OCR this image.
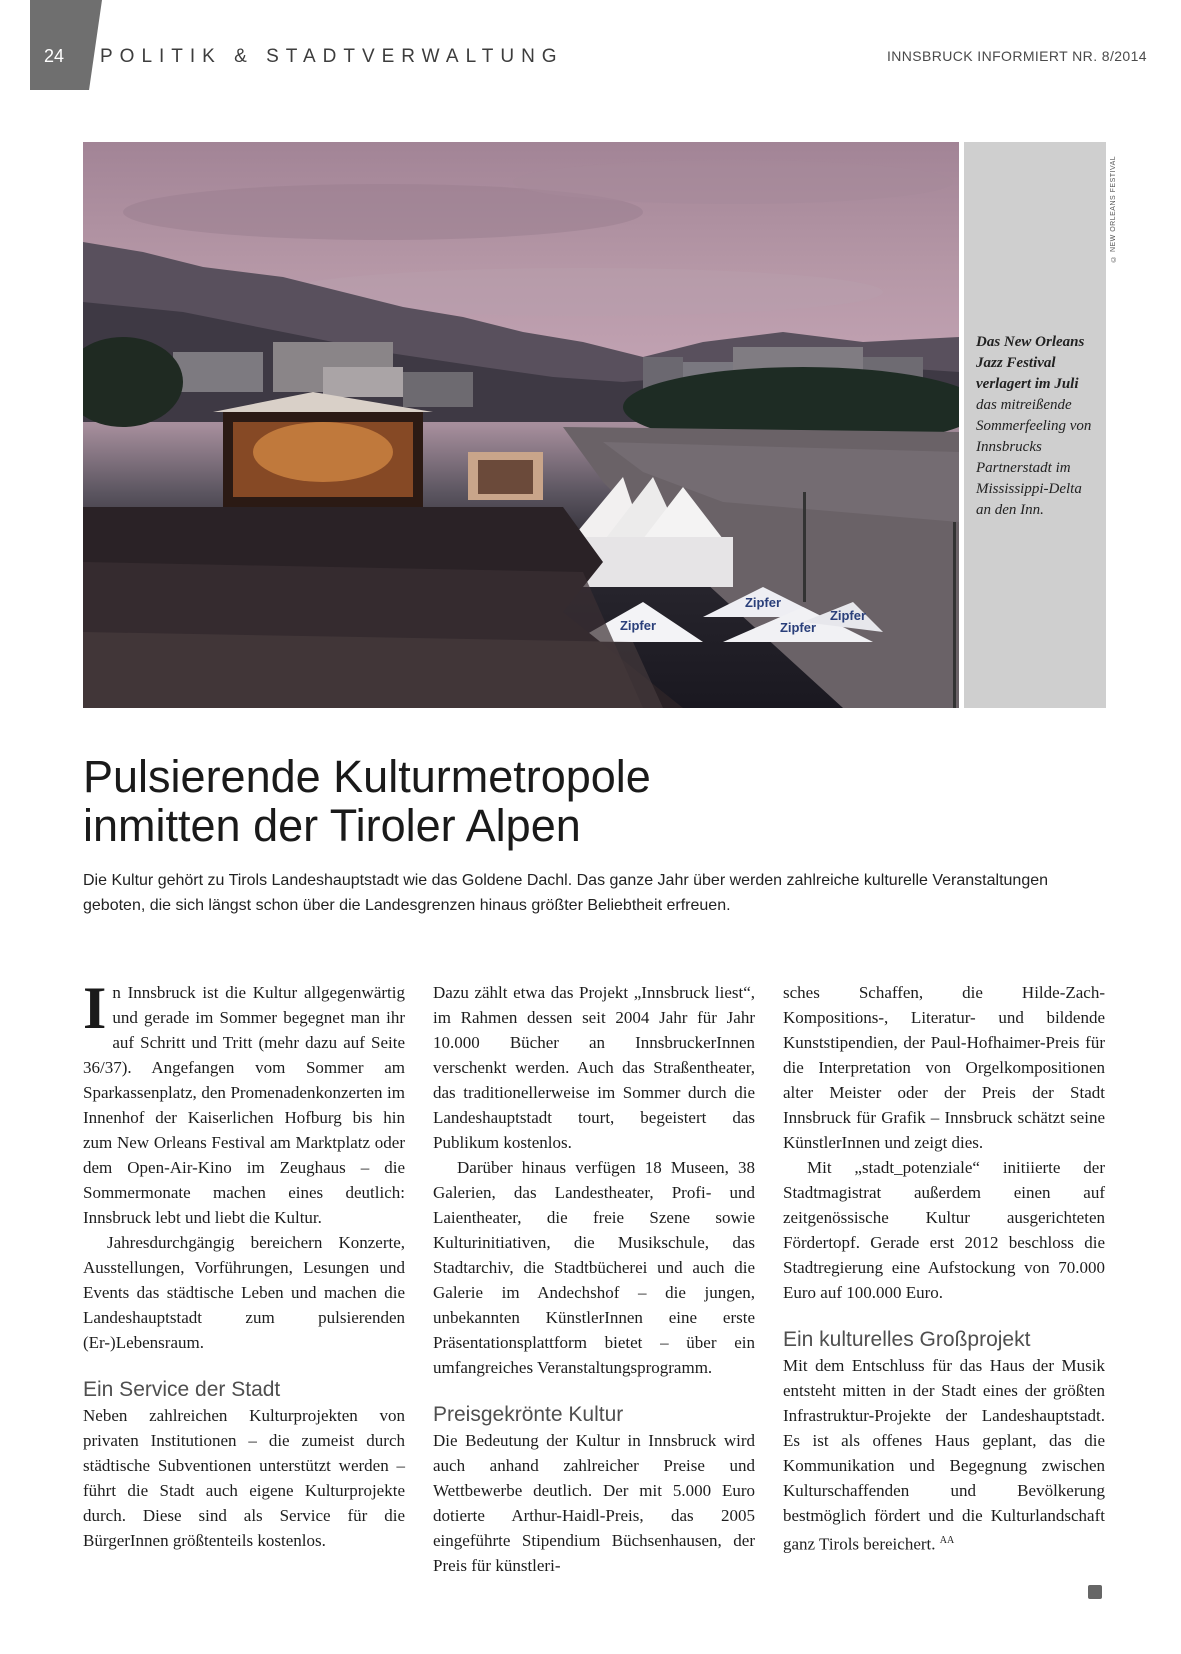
24 POLITIK & STADTVERWALTUNG	INNSBRUCK INFORMIERT NR. 8/2014
Zipfer
Zipfer
Zipfer
Zipfer
Das New Orleans Jazz Festival verlagert im Juli das mitreißende Sommerfeeling von Innsbrucks Partnerstadt im Mississippi-Delta an den Inn.
© NEW ORLEANS FESTIVAL
Pulsierende Kulturmetropole
inmitten der Tiroler Alpen

Die Kultur gehört zu Tirols Landeshauptstadt wie das Goldene Dachl. Das ganze Jahr über werden zahlreiche kulturelle Veranstaltungen geboten, die sich längst schon über die Landesgrenzen hinaus größter Beliebtheit erfreuen.

In Innsbruck ist die Kultur allgegenwärtig und gerade im Sommer begegnet man ihr auf Schritt und Tritt (mehr dazu auf Seite 36/37). Angefangen vom Sommer am Sparkassenplatz, den Promenadenkonzerten im Innenhof der Kaiserlichen Hofburg bis hin zum New Orleans Festival am Marktplatz oder dem Open-Air-Kino im Zeughaus – die Sommermonate machen eines deutlich: Innsbruck lebt und liebt die Kultur.

Jahresdurchgängig bereichern Konzerte, Ausstellungen, Vorführungen, Lesungen und Events das städtische Leben und machen die Landeshauptstadt zum pulsierenden (Er-)Lebensraum.

Ein Service der Stadt

Neben zahlreichen Kulturprojekten von privaten Institutionen – die zumeist durch städtische Subventionen unterstützt werden – führt die Stadt auch eigene Kulturprojekte durch. Diese sind als Service für die BürgerInnen größtenteils kostenlos.

Dazu zählt etwa das Projekt „Innsbruck liest“, im Rahmen dessen seit 2004 Jahr für Jahr 10.000 Bücher an InnsbruckerInnen verschenkt werden. Auch das Straßentheater, das traditionellerweise im Sommer durch die Landeshauptstadt tourt, begeistert das Publikum kostenlos.

Darüber hinaus verfügen 18 Museen, 38 Galerien, das Landestheater, Profi- und Laientheater, die freie Szene sowie Kulturinitiativen, die Musikschule, das Stadtarchiv, die Stadtbücherei und auch die Galerie im Andechshof – die jungen, unbekannten KünstlerInnen eine erste Präsentationsplattform bietet – über ein umfangreiches Veranstaltungsprogramm.

Preisgekrönte Kultur

Die Bedeutung der Kultur in Innsbruck wird auch anhand zahlreicher Preise und Wettbewerbe deutlich. Der mit 5.000 Euro dotierte Arthur-Haidl-Preis, das 2005 eingeführte Stipendium Büchsenhausen, der Preis für künstleri-

sches Schaffen, die Hilde-Zach-Kompositions-, Literatur- und bildende Kunststipendien, der Paul-Hofhaimer-Preis für die Interpretation von Orgelkompositionen alter Meister oder der Preis der Stadt Innsbruck für Grafik – Innsbruck schätzt seine KünstlerInnen und zeigt dies.

Mit „stadt_potenziale“ initiierte der Stadtmagistrat außerdem einen auf zeitgenössische Kultur ausgerichteten Fördertopf. Gerade erst 2012 beschloss die Stadtregierung eine Aufstockung von 70.000 Euro auf 100.000 Euro.

Ein kulturelles Großprojekt

Mit dem Entschluss für das Haus der Musik entsteht mitten in der Stadt eines der größten Infrastruktur-Projekte der Landeshauptstadt. Es ist als offenes Haus geplant, das die Kommunikation und Begegnung zwischen Kulturschaffenden und Bevölkerung bestmöglich fördert und die Kulturlandschaft ganz Tirols bereichert. $^{AA}$
